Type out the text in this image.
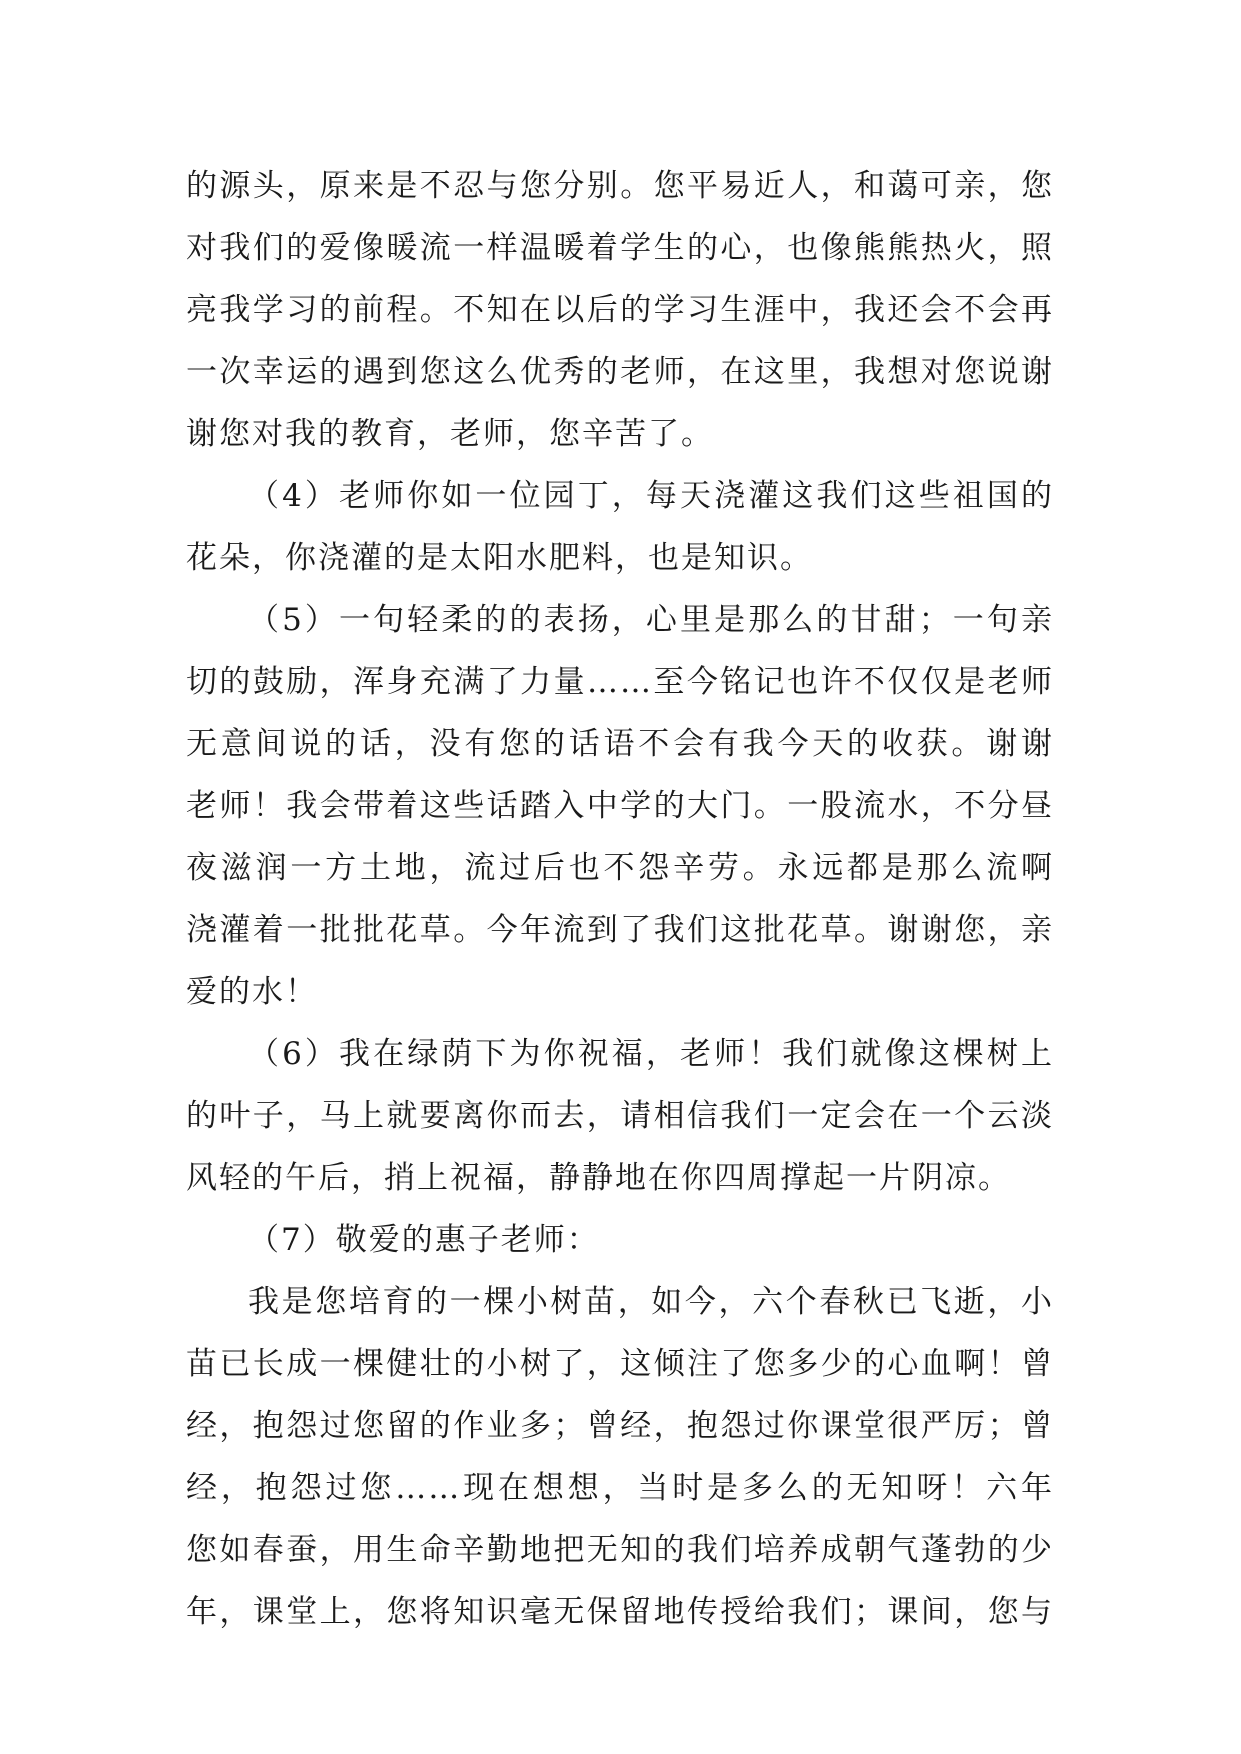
的源头，原来是不忍与您分别。您平易近人，和蔼可亲，您
对我们的爱像暖流一样温暖着学生的心，也像熊熊热火，照
亮我学习的前程。不知在以后的学习生涯中，我还会不会再
一次幸运的遇到您这么优秀的老师，在这里，我想对您说谢
谢您对我的教育，老师，您辛苦了。
（4）老师你如一位园丁，每天浇灌这我们这些祖国的
花朵，你浇灌的是太阳水肥料，也是知识。
（5）一句轻柔的的表扬，心里是那么的甘甜；一句亲
切的鼓励，浑身充满了力量……至今铭记也许不仅仅是老师
无意间说的话，没有您的话语不会有我今天的收获。谢谢
老师！我会带着这些话踏入中学的大门。一股流水，不分昼
夜滋润一方土地，流过后也不怨辛劳。永远都是那么流啊
浇灌着一批批花草。今年流到了我们这批花草。谢谢您，亲
爱的水！
（6）我在绿荫下为你祝福，老师！我们就像这棵树上
的叶子，马上就要离你而去，请相信我们一定会在一个云淡
风轻的午后，捎上祝福，静静地在你四周撑起一片阴凉。
（7）敬爱的惠子老师：
我是您培育的一棵小树苗，如今，六个春秋已飞逝，小
苗已长成一棵健壮的小树了，这倾注了您多少的心血啊！曾
经，抱怨过您留的作业多；曾经，抱怨过你课堂很严厉；曾
经，抱怨过您……现在想想，当时是多么的无知呀！六年
您如春蚕，用生命辛勤地把无知的我们培养成朝气蓬勃的少
年，课堂上，您将知识毫无保留地传授给我们；课间，您与
